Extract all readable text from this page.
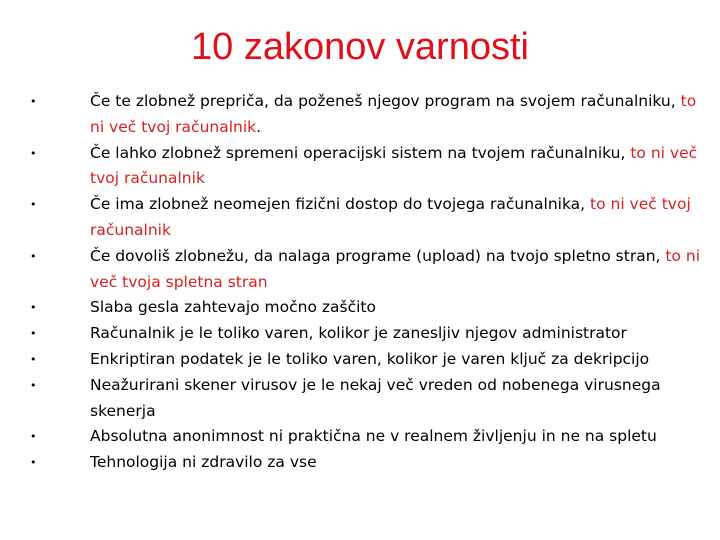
10 zakonov varnosti
•	Če te zlobnež prepriča, da poženeš njegov program na svojem računalniku, to ni več tvoj računalnik.
•	Če lahko zlobnež spremeni operacijski sistem na tvojem računalniku, to ni več tvoj računalnik
•	Če ima zlobnež neomejen fizični dostop do tvojega računalnika, to ni več tvoj računalnik
•	Če dovoliš zlobnežu, da nalaga programe (upload) na tvojo spletno stran, to ni več tvoja spletna stran
•	Slaba gesla zahtevajo močno zaščito
•	Računalnik je le toliko varen, kolikor je zanesljiv njegov administrator
•	Enkriptiran podatek je le toliko varen, kolikor je varen ključ za dekripcijo
•	Neažurirani skener virusov je le nekaj več vreden od nobenega virusnega skenerja
•	Absolutna anonimnost ni praktična ne v realnem življenju in ne na spletu
•	Tehnologija ni zdravilo za vse
